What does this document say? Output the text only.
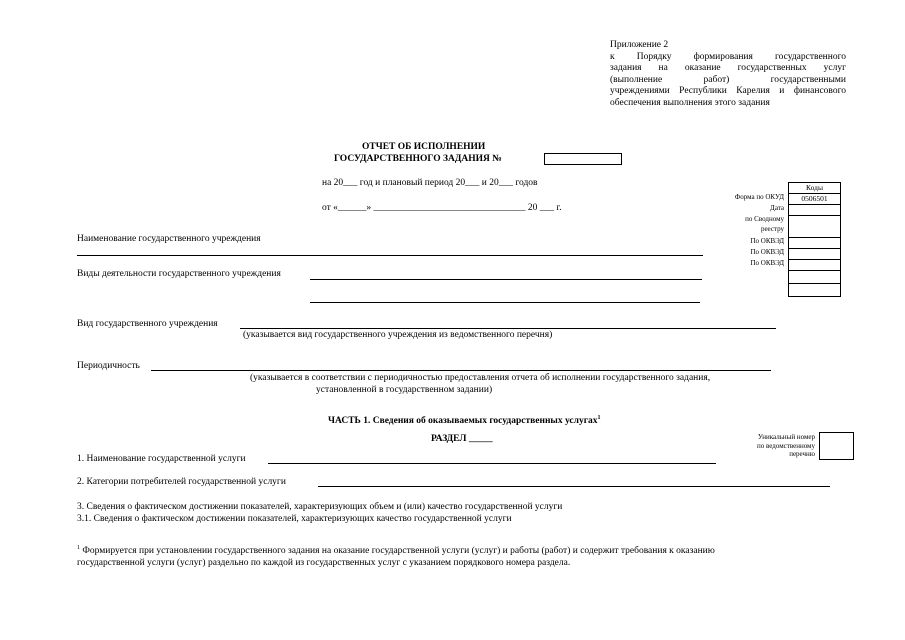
Приложение 2
к Порядку формирования государственного
задания на оказание государственных услуг
(выполнение работ) государственными
учреждениями Республики Карелия и финансового
обеспечения выполнения этого задания
ОТЧЕТ ОБ ИСПОЛНЕНИИ
ГОСУДАРСТВЕННОГО ЗАДАНИЯ №
на 20___ год и плановый период 20___ и 20___ годов
от «______» ________________________________ 20 ___ г.
Форма по ОКУД
Дата
по Сводному
реестру
По ОКВЭД
По ОКВЭД
По ОКВЭД
Коды
0506501
Наименование государственного учреждения
Виды деятельности государственного учреждения
Вид государственного учреждения
(указывается вид государственного учреждения из ведомственного перечня)
Периодичность
(указывается в соответствии с периодичностью предоставления отчета об исполнении государственного задания,
установленной в государственном задании)
ЧАСТЬ 1. Сведения об оказываемых государственных услугах$^1$
РАЗДЕЛ _____	Уникальный номер
по ведомственному
перечню
1. Наименование государственной услуги
2. Категории потребителей государственной услуги
3. Сведения о фактическом достижении показателей, характеризующих объем и (или) качество государственной услуги
3.1. Сведения о фактическом достижении показателей, характеризующих качество государственной услуги
$^1$ Формируется при установлении государственного задания на оказание государственной услуги (услуг) и работы (работ) и содержит требования к оказанию
государственной услуги (услуг) раздельно по каждой из государственных услуг с указанием порядкового номера раздела.
